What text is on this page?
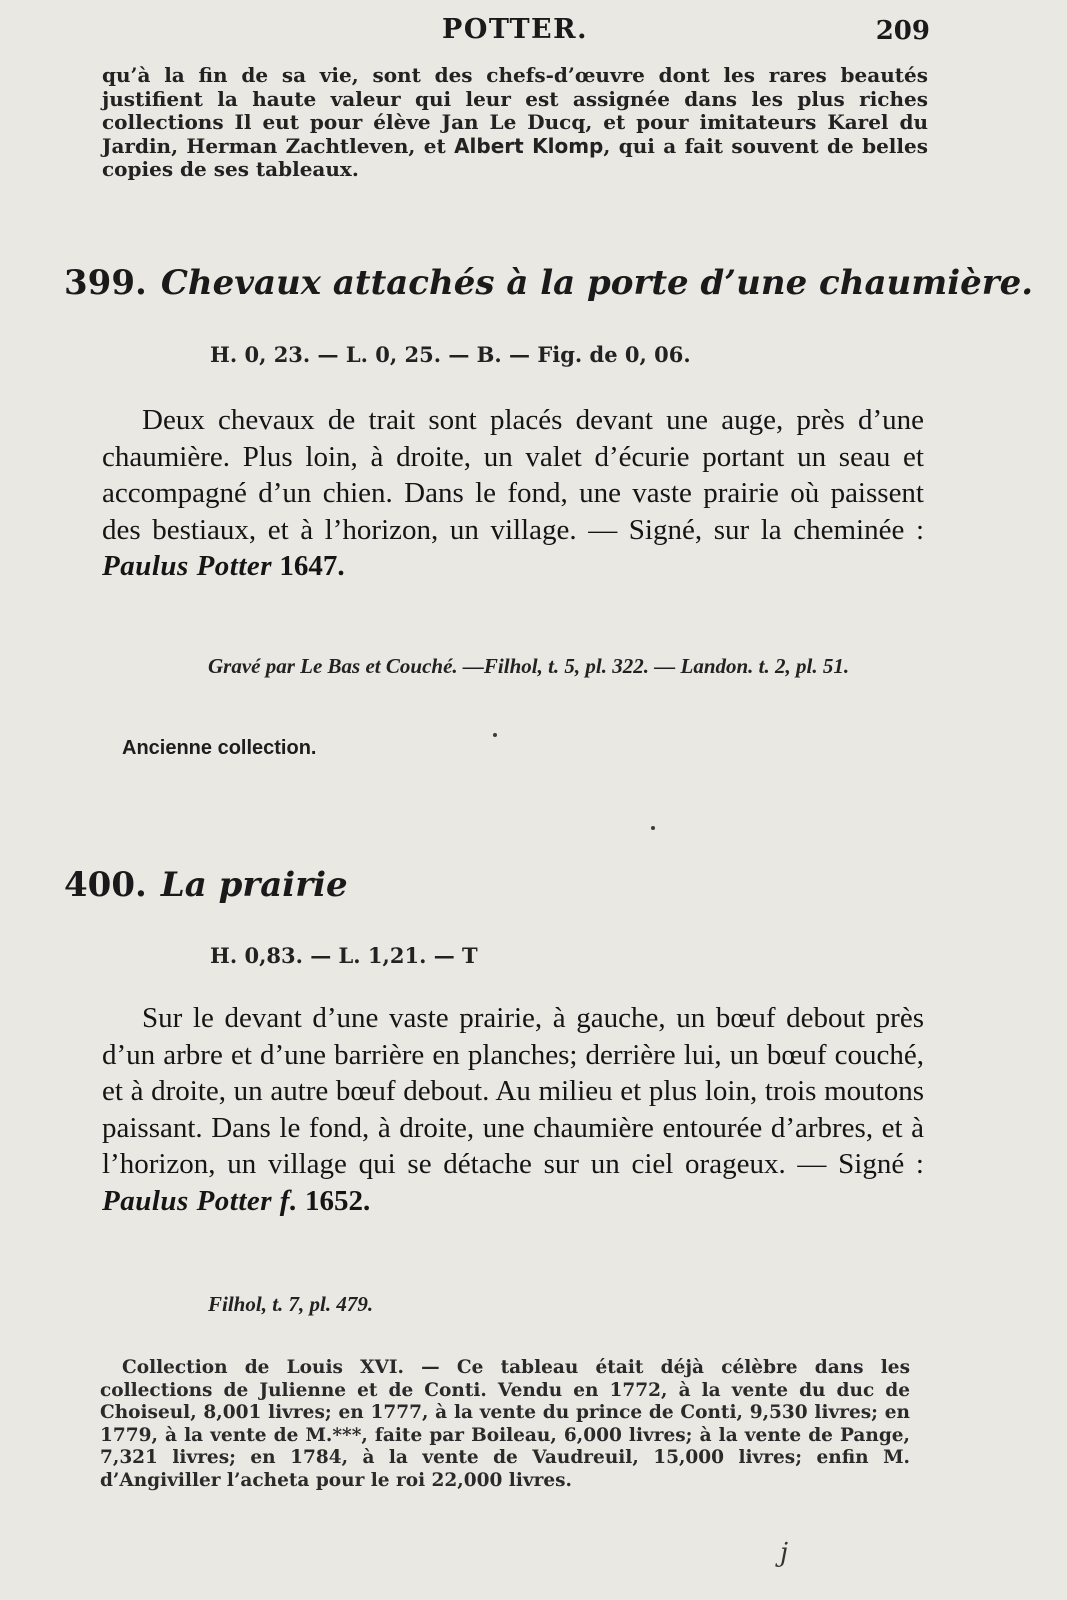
POTTER.	209
qu’à la fin de sa vie, sont des chefs-d’œuvre dont les rares beautés justifient la haute valeur qui leur est assignée dans les plus riches collections Il eut pour élève Jan Le Ducq, et pour imitateurs Karel du Jardin, Herman Zachtleven, et Albert Klomp, qui a fait souvent de belles copies de ses tableaux.
399. Chevaux attachés à la porte d’une chaumière.
H. 0, 23. — L. 0, 25. — B. — Fig. de 0, 06.

Deux chevaux de trait sont placés devant une auge, près d’une chaumière. Plus loin, à droite, un valet d’écurie portant un seau et accompagné d’un chien. Dans le fond, une vaste prairie où paissent des bestiaux, et à l’horizon, un village. — Signé, sur la cheminée : Paulus Potter 1647.

Gravé par Le Bas et Couché. —Filhol, t. 5, pl. 322. — Landon. t. 2, pl. 51.
Ancienne collection.
400. La prairie
H. 0,83. — L. 1,21. — T

Sur le devant d’une vaste prairie, à gauche, un bœuf debout près d’un arbre et d’une barrière en planches; derrière lui, un bœuf couché, et à droite, un autre bœuf debout. Au milieu et plus loin, trois moutons paissant. Dans le fond, à droite, une chaumière entourée d’arbres, et à l’horizon, un village qui se détache sur un ciel orageux. — Signé : Paulus Potter f. 1652.

Filhol, t. 7, pl. 479.

Collection de Louis XVI. — Ce tableau était déjà célèbre dans les collections de Julienne et de Conti. Vendu en 1772, à la vente du duc de Choiseul, 8,001 livres; en 1777, à la vente du prince de Conti, 9,530 livres; en 1779, à la vente de M.***, faite par Boileau, 6,000 livres; à la vente de Pange, 7,321 livres; en 1784, à la vente de Vaudreuil, 15,000 livres; enfin M. d’Angiviller l’acheta pour le roi 22,000 livres.

j
